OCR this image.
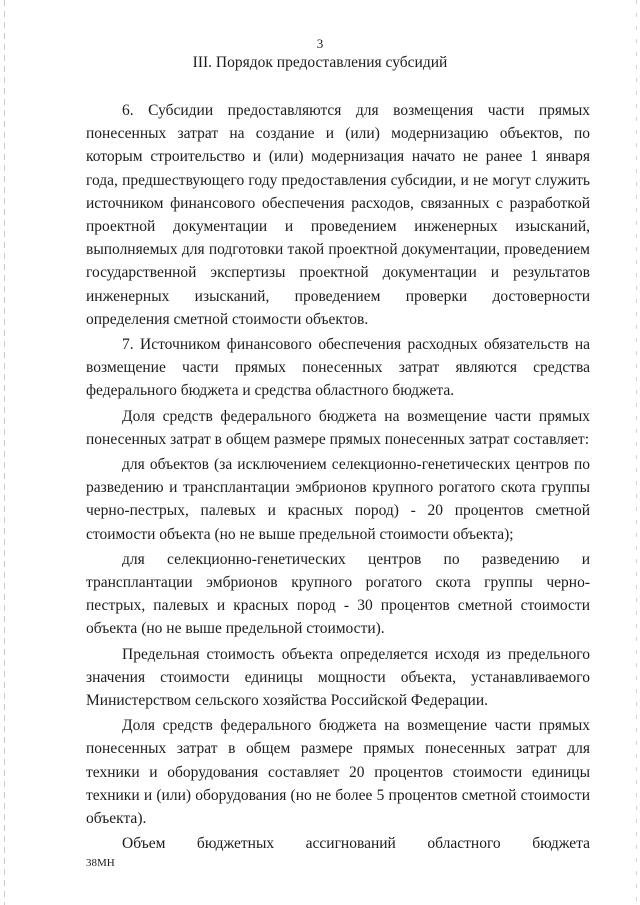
3
III. Порядок предоставления субсидий

6. Субсидии предоставляются для возмещения части прямых понесенных затрат на создание и (или) модернизацию объектов, по которым строительство и (или) модернизация начато не ранее 1 января года, предшествующего году предоставления субсидии, и не могут служить источником финансового обеспечения расходов, связанных с разработкой проектной документации и проведением инженерных изысканий, выполняемых для подготовки такой проектной документации, проведением государственной экспертизы проектной документации и результатов инженерных изысканий, проведением проверки достоверности определения сметной стоимости объектов.

7. Источником финансового обеспечения расходных обязательств на возмещение части прямых понесенных затрат являются средства федерального бюджета и средства областного бюджета.

Доля средств федерального бюджета на возмещение части прямых понесенных затрат в общем размере прямых понесенных затрат составляет:

для объектов (за исключением селекционно-генетических центров по разведению и трансплантации эмбрионов крупного рогатого скота группы черно-пестрых, палевых и красных пород) - 20 процентов сметной стоимости объекта (но не выше предельной стоимости объекта);

для селекционно-генетических центров по разведению и трансплантации эмбрионов крупного рогатого скота группы черно-пестрых, палевых и красных пород - 30 процентов сметной стоимости объекта (но не выше предельной стоимости).

Предельная стоимость объекта определяется исходя из предельного значения стоимости единицы мощности объекта, устанавливаемого Министерством сельского хозяйства Российской Федерации.

Доля средств федерального бюджета на возмещение части прямых понесенных затрат в общем размере прямых понесенных затрат для техники и оборудования составляет 20 процентов стоимости единицы техники и (или) оборудования (но не более 5 процентов сметной стоимости объекта).

Объем бюджетных ассигнований областного бюджета

38МН
